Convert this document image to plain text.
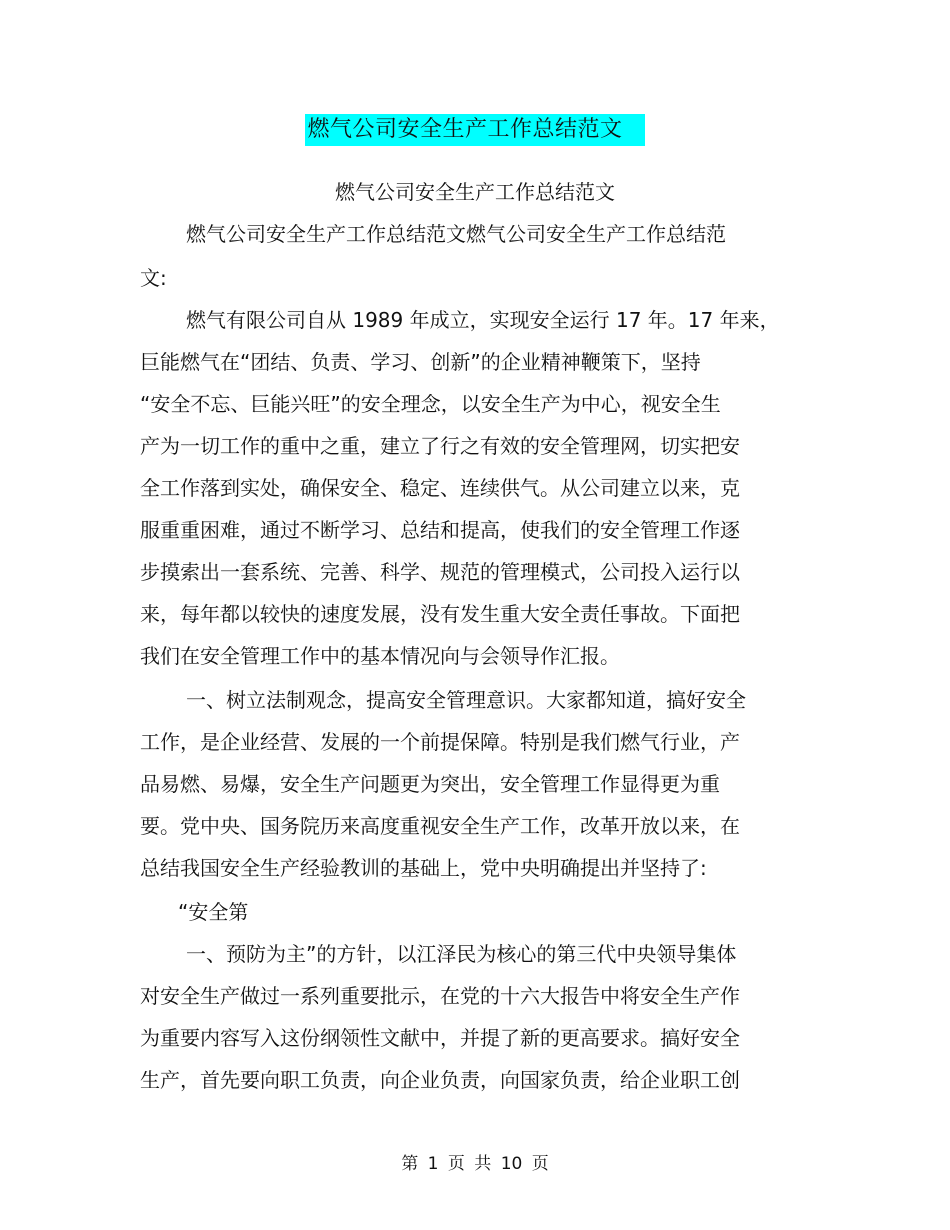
燃气公司安全生产工作总结范文
燃气公司安全生产工作总结范文
燃气公司安全生产工作总结范文燃气公司安全生产工作总结范
文:
燃气有限公司自从 1989 年成立，实现安全运行 17 年。17 年来，
巨能燃气在“团结、负责、学习、创新”的企业精神鞭策下，坚持
“安全不忘、巨能兴旺”的安全理念，以安全生产为中心，视安全生
产为一切工作的重中之重，建立了行之有效的安全管理网，切实把安
全工作落到实处，确保安全、稳定、连续供气。从公司建立以来，克
服重重困难，通过不断学习、总结和提高，使我们的安全管理工作逐
步摸索出一套系统、完善、科学、规范的管理模式，公司投入运行以
来，每年都以较快的速度发展，没有发生重大安全责任事故。下面把
我们在安全管理工作中的基本情况向与会领导作汇报。
一、树立法制观念，提高安全管理意识。大家都知道，搞好安全
工作，是企业经营、发展的一个前提保障。特别是我们燃气行业，产
品易燃、易爆，安全生产问题更为突出，安全管理工作显得更为重
要。党中央、国务院历来高度重视安全生产工作，改革开放以来，在
总结我国安全生产经验教训的基础上，党中央明确提出并坚持了:
“安全第
一、预防为主”的方针，以江泽民为核心的第三代中央领导集体
对安全生产做过一系列重要批示，在党的十六大报告中将安全生产作
为重要内容写入这份纲领性文献中，并提了新的更高要求。搞好安全
生产，首先要向职工负责，向企业负责，向国家负责，给企业职工创
第 1 页 共 10 页
